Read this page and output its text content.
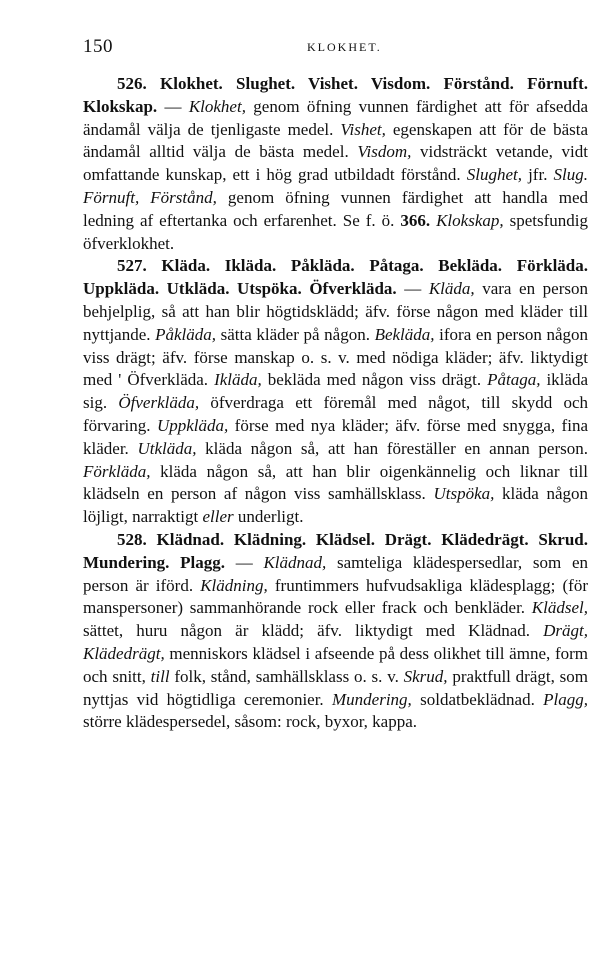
150	KLOKHET.

526. Klokhet. Slughet. Vishet. Visdom. Förstånd. Förnuft. Klokskap. — Klokhet, genom öfning vunnen färdighet att för afsedda ändamål välja de tjenligaste medel. Vishet, egenskapen att för de bästa ändamål alltid välja de bästa medel. Visdom, vidsträckt vetande, vidt omfattande kunskap, ett i hög grad utbildadt förstånd. Slughet, jfr. Slug. Förnuft, Förstånd, genom öfning vunnen färdighet att handla med ledning af eftertanka och erfarenhet. Se f. ö. 366. Klokskap, spetsfundig öfverklokhet.

527. Kläda. Ikläda. Påkläda. Påtaga. Bekläda. Förkläda. Uppkläda. Utkläda. Utspöka. Öfverkläda. — Kläda, vara en person behjelplig, så att han blir högtidsklädd; äfv. förse någon med kläder till nyttjande. Påkläda, sätta kläder på någon. Bekläda, ifora en person någon viss drägt; äfv. förse manskap o. s. v. med nödiga kläder; äfv. liktydigt med ' Öfverkläda. Ikläda, bekläda med någon viss drägt. Påtaga, ikläda sig. Öfverkläda, öfverdraga ett föremål med något, till skydd och förvaring. Uppkläda, förse med nya kläder; äfv. förse med snygga, fina kläder. Utkläda, kläda någon så, att han föreställer en annan person. Förkläda, kläda någon så, att han blir oigenkännelig och liknar till klädseln en person af någon viss samhällsklass. Utspöka, kläda någon löjligt, narraktigt eller underligt.

528. Klädnad. Klädning. Klädsel. Drägt. Klädedrägt. Skrud. Mundering. Plagg. — Klädnad, samteliga klädespersedlar, som en person är iförd. Klädning, fruntimmers hufvudsakliga klädesplagg; (för manspersoner) sammanhörande rock eller frack och benkläder. Klädsel, sättet, huru någon är klädd; äfv. liktydigt med Klädnad. Drägt, Klädedrägt, menniskors klädsel i afseende på dess olikhet till ämne, form och snitt, till folk, stånd, samhällsklass o. s. v. Skrud, praktfull drägt, som nyttjas vid högtidliga ceremonier. Mundering, soldatbeklädnad. Plagg, större klädespersedel, såsom: rock, byxor, kappa.
